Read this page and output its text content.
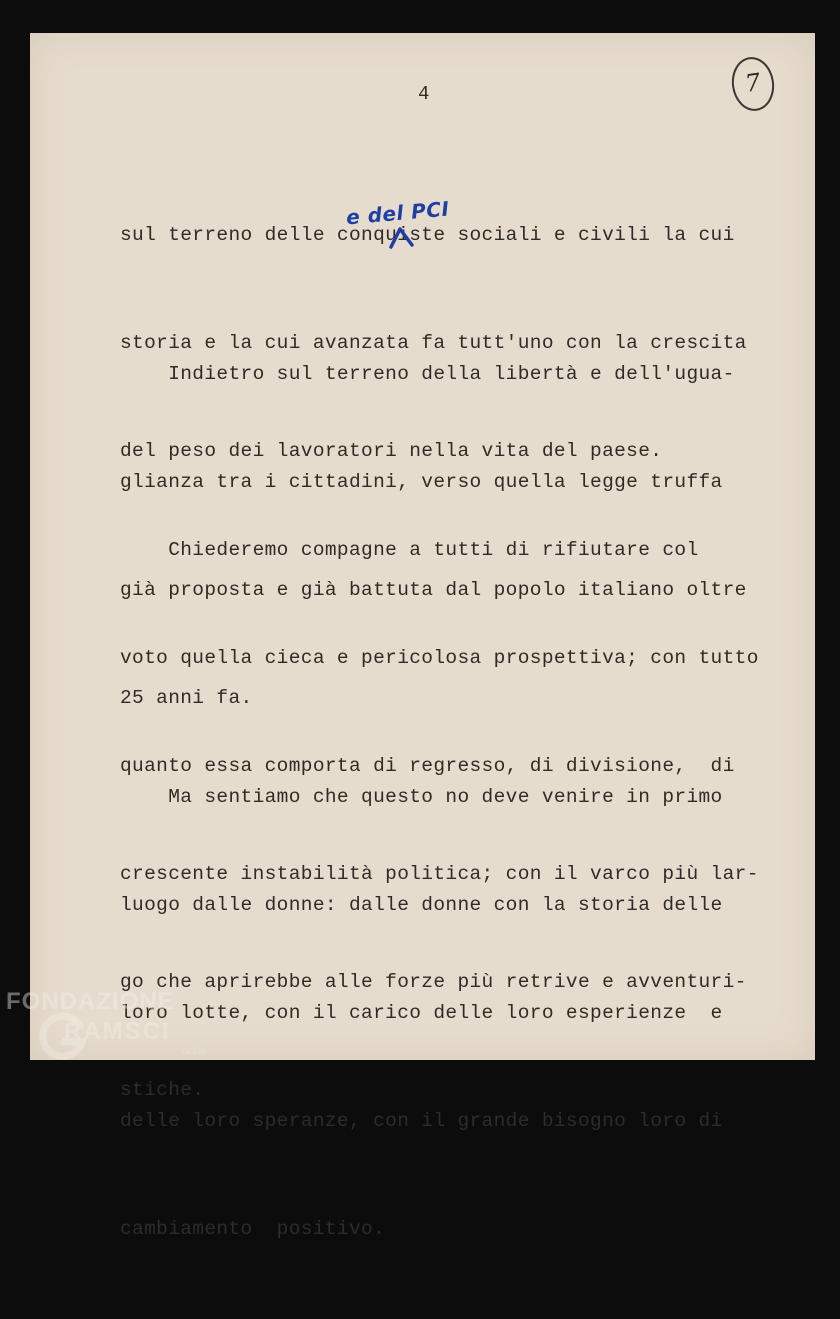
4	7

sul terreno delle conquiste sociali e civili la cui

storia e la cui avanzata fa tutt'uno con la crescita

del peso dei lavoratori nella vita del paese.

e del PCI

Indietro sul terreno della libertà e dell'ugua-

glianza tra i cittadini, verso quella legge truffa

già proposta e già battuta dal popolo italiano oltre

25 anni fa.

Chiederemo compagne a tutti di rifiutare col

voto quella cieca e pericolosa prospettiva; con tutto

quanto essa comporta di regresso, di divisione,  di

crescente instabilità politica; con il varco più lar-

go che aprirebbe alle forze più retrive e avventuri-

stiche.

Ma sentiamo che questo no deve venire in primo

luogo dalle donne: dalle donne con la storia delle

loro lotte, con il carico delle loro esperienze  e

delle loro speranze, con il grande bisogno loro di

cambiamento  positivo.

FONDAZIONE
RAMSCI
onlus
